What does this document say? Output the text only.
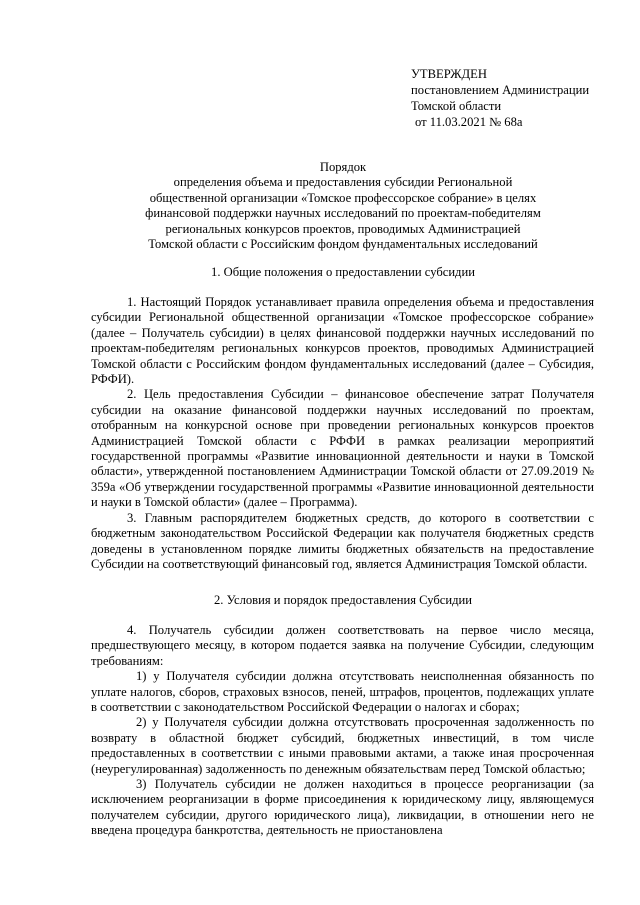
УТВЕРЖДЕН
постановлением Администрации
Томской области
от 11.03.2021 № 68а
Порядок
определения объема и предоставления субсидии Региональной
общественной организации «Томское профессорское собрание» в целях
финансовой поддержки научных исследований по проектам-победителям
региональных конкурсов проектов, проводимых Администрацией
Томской области с Российским фондом фундаментальных исследований
1. Общие положения о предоставлении субсидии

1. Настоящий Порядок устанавливает правила определения объема и предоставления субсидии Региональной общественной организации «Томское профессорское собрание» (далее – Получатель субсидии) в целях финансовой поддержки научных исследований по проектам-победителям региональных конкурсов проектов, проводимых Администрацией Томской области с Российским фондом фундаментальных исследований (далее – Субсидия, РФФИ).

2. Цель предоставления Субсидии – финансовое обеспечение затрат Получателя субсидии на оказание финансовой поддержки научных исследований по проектам, отобранным на конкурсной основе при проведении региональных конкурсов проектов Администрацией Томской области с РФФИ в рамках реализации мероприятий государственной программы «Развитие инновационной деятельности и науки в Томской области», утвержденной постановлением Администрации Томской области от 27.09.2019 № 359а «Об утверждении государственной программы «Развитие инновационной деятельности и науки в Томской области» (далее – Программа).

3. Главным распорядителем бюджетных средств, до которого в соответствии с бюджетным законодательством Российской Федерации как получателя бюджетных средств доведены в установленном порядке лимиты бюджетных обязательств на предоставление Субсидии на соответствующий финансовый год, является Администрация Томской области.

2. Условия и порядок предоставления Субсидии

4. Получатель субсидии должен соответствовать на первое число месяца, предшествующего месяцу, в котором подается заявка на получение Субсидии, следующим требованиям:

1) у Получателя субсидии должна отсутствовать неисполненная обязанность по уплате налогов, сборов, страховых взносов, пеней, штрафов, процентов, подлежащих уплате в соответствии с законодательством Российской Федерации о налогах и сборах;

2) у Получателя субсидии должна отсутствовать просроченная задолженность по возврату в областной бюджет субсидий, бюджетных инвестиций, в том числе предоставленных в соответствии с иными правовыми актами, а также иная просроченная (неурегулированная) задолженность по денежным обязательствам перед Томской областью;

3) Получатель субсидии не должен находиться в процессе реорганизации (за исключением реорганизации в форме присоединения к юридическому лицу, являющемуся получателем субсидии, другого юридического лица), ликвидации, в отношении него не введена процедура банкротства, деятельность не приостановлена
